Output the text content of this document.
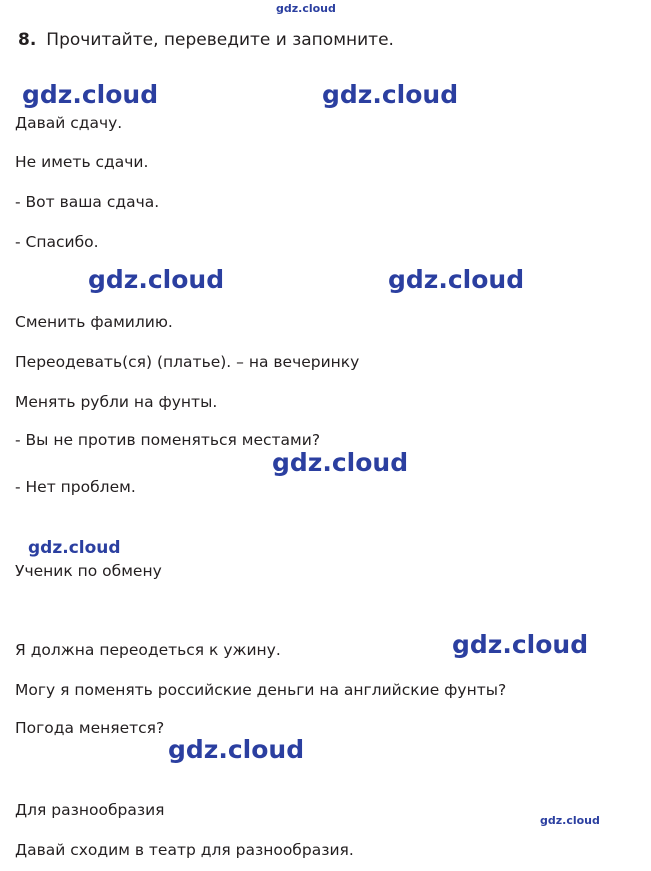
8. Прочитайте, переведите и запомните.
Давай сдачу.
Не иметь сдачи.
- Вот ваша сдача.
- Спасибо.
Сменить фамилию.
Переодевать(ся) (платье). – на вечеринку
Менять рубли на фунты.
- Вы не против поменяться местами?
- Нет проблем.
Ученик по обмену
Я должна переодеться к ужину.
Могу я поменять российские деньги на английские фунты?
Погода меняется?
Для разнообразия
Давай сходим в театр для разнообразия.
gdz.cloud
gdz.cloud	gdz.cloud
gdz.cloud	gdz.cloud
gdz.cloud
gdz.cloud
gdz.cloud
gdz.cloud
gdz.cloud
